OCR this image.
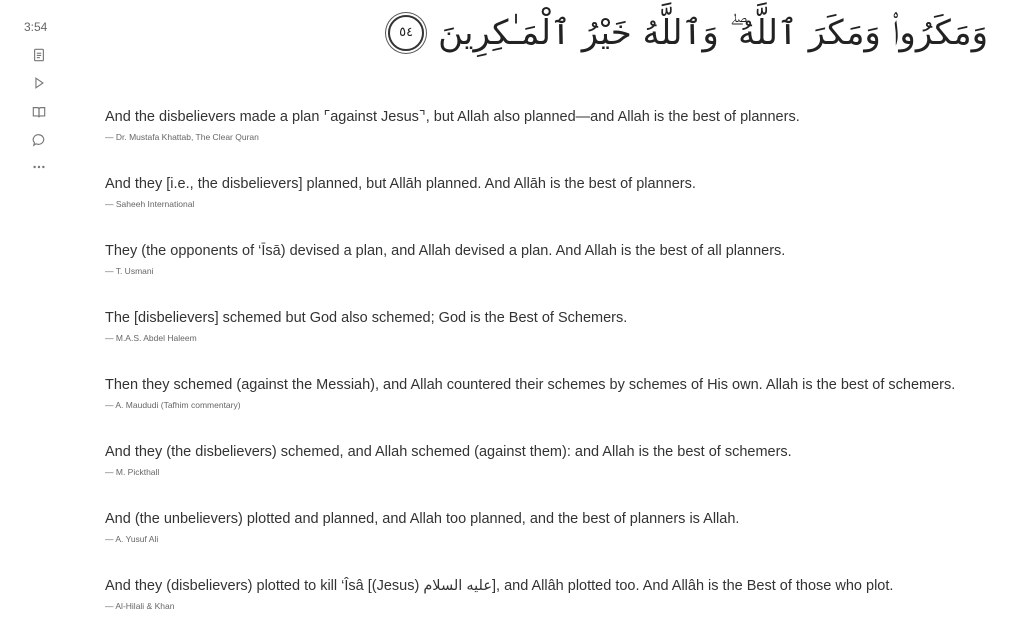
3:54	وَمَكَرُوا۟ وَمَكَرَ ٱللَّهُ ۖ وَٱللَّهُ خَيْرُ ٱلْمَـٰكِرِينَ
٥٤
And the disbelievers made a plan ⌜against Jesus⌝, but Allah also planned—and Allah is the best of planners.
— Dr. Mustafa Khattab, The Clear Quran
And they [i.e., the disbelievers] planned, but Allāh planned. And Allāh is the best of planners.
— Saheeh International
They (the opponents of ‘Īsā) devised a plan, and Allah devised a plan. And Allah is the best of all planners.
— T. Usmani
The [disbelievers] schemed but God also schemed; God is the Best of Schemers.
— M.A.S. Abdel Haleem
Then they schemed (against the Messiah), and Allah countered their schemes by schemes of His own. Allah is the best of schemers.
— A. Maududi (Tafhim commentary)
And they (the disbelievers) schemed, and Allah schemed (against them): and Allah is the best of schemers.
— M. Pickthall
And (the unbelievers) plotted and planned, and Allah too planned, and the best of planners is Allah.
— A. Yusuf Ali
And they (disbelievers) plotted to kill ‘Îsâ [(Jesus) عليه السلام], and Allâh plotted too. And Allâh is the Best of those who plot.
— Al-Hilali & Khan
